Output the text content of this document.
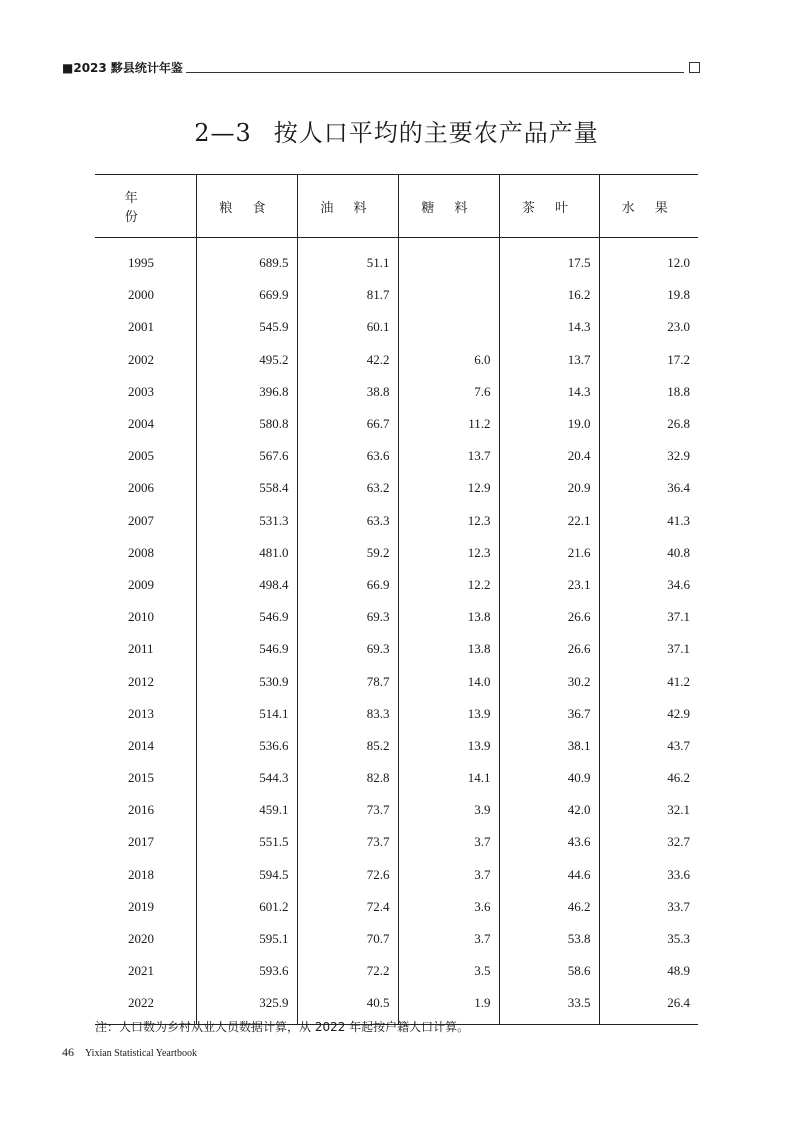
■2023 黟县统计年鉴
2—3 按人口平均的主要农产品产量
年 份	粮 食	油 料	糖 料	茶 叶	水 果
1995	689.5	51.1		17.5	12.0
2000	669.9	81.7		16.2	19.8
2001	545.9	60.1		14.3	23.0
2002	495.2	42.2	6.0	13.7	17.2
2003	396.8	38.8	7.6	14.3	18.8
2004	580.8	66.7	11.2	19.0	26.8
2005	567.6	63.6	13.7	20.4	32.9
2006	558.4	63.2	12.9	20.9	36.4
2007	531.3	63.3	12.3	22.1	41.3
2008	481.0	59.2	12.3	21.6	40.8
2009	498.4	66.9	12.2	23.1	34.6
2010	546.9	69.3	13.8	26.6	37.1
2011	546.9	69.3	13.8	26.6	37.1
2012	530.9	78.7	14.0	30.2	41.2
2013	514.1	83.3	13.9	36.7	42.9
2014	536.6	85.2	13.9	38.1	43.7
2015	544.3	82.8	14.1	40.9	46.2
2016	459.1	73.7	3.9	42.0	32.1
2017	551.5	73.7	3.7	43.6	32.7
2018	594.5	72.6	3.7	44.6	33.6
2019	601.2	72.4	3.6	46.2	33.7
2020	595.1	70.7	3.7	53.8	35.3
2021	593.6	72.2	3.5	58.6	48.9
2022	325.9	40.5	1.9	33.5	26.4
注：人口数为乡村从业人员数据计算，从 2022 年起按户籍人口计算。
46 Yixian Statistical Yeartbook
